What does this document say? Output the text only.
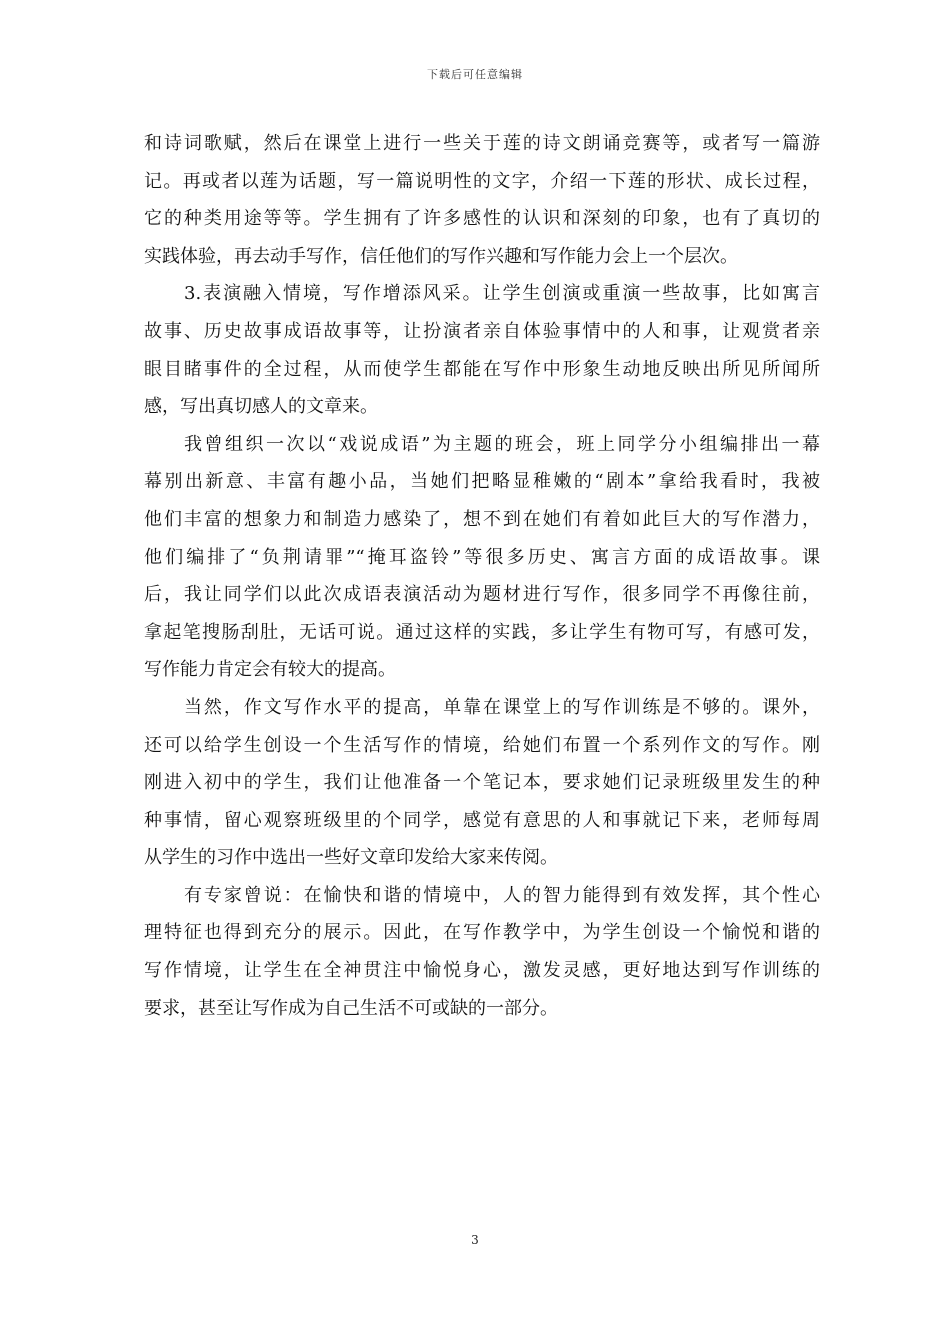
下载后可任意编辑
和诗词歌赋，然后在课堂上进行一些关于莲的诗文朗诵竞赛等，或者写一篇游
记。再或者以莲为话题，写一篇说明性的文字，介绍一下莲的形状、成长过程，
它的种类用途等等。学生拥有了许多感性的认识和深刻的印象，也有了真切的
实践体验，再去动手写作，信任他们的写作兴趣和写作能力会上一个层次。
3.表演融入情境，写作增添风采。让学生创演或重演一些故事，比如寓言
故事、历史故事成语故事等，让扮演者亲自体验事情中的人和事，让观赏者亲
眼目睹事件的全过程，从而使学生都能在写作中形象生动地反映出所见所闻所
感，写出真切感人的文章来。
我曾组织一次以“戏说成语”为主题的班会，班上同学分小组编排出一幕
幕别出新意、丰富有趣小品，当她们把略显稚嫩的“剧本”拿给我看时，我被
他们丰富的想象力和制造力感染了，想不到在她们有着如此巨大的写作潜力，
他们编排了“负荆请罪”“掩耳盗铃”等很多历史、寓言方面的成语故事。课
后，我让同学们以此次成语表演活动为题材进行写作，很多同学不再像往前，
拿起笔搜肠刮肚，无话可说。通过这样的实践，多让学生有物可写，有感可发，
写作能力肯定会有较大的提高。
当然，作文写作水平的提高，单靠在课堂上的写作训练是不够的。课外，
还可以给学生创设一个生活写作的情境，给她们布置一个系列作文的写作。刚
刚进入初中的学生，我们让他准备一个笔记本，要求她们记录班级里发生的种
种事情，留心观察班级里的个同学，感觉有意思的人和事就记下来，老师每周
从学生的习作中选出一些好文章印发给大家来传阅。
有专家曾说：在愉快和谐的情境中，人的智力能得到有效发挥，其个性心
理特征也得到充分的展示。因此，在写作教学中，为学生创设一个愉悦和谐的
写作情境，让学生在全神贯注中愉悦身心，激发灵感，更好地达到写作训练的
要求，甚至让写作成为自己生活不可或缺的一部分。
3
